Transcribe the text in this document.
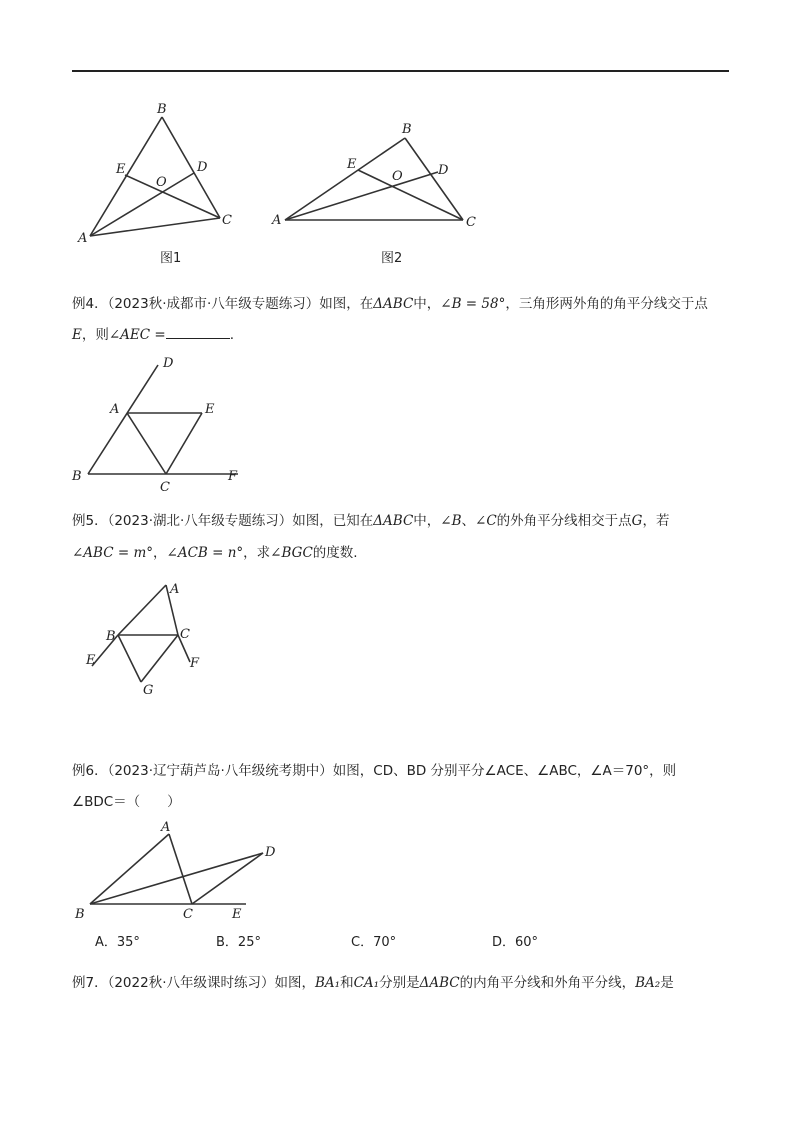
B
A
C
D
E
O
图1
B
A	C
D
E
O
图2
D
A	E
B
C
F
A
B	C
E	F
G
A
D
B	C	E
例4．（2023秋·成都市·八年级专题练习）如图，在ΔABC中，∠B = 58°，三角形两外角的角平分线交于点
E，则∠AEC =	.
例5．（2023·湖北·八年级专题练习）如图，已知在ΔABC中，∠B、∠C的外角平分线相交于点G，若
∠ABC = m°，∠ACB = n°，求∠BGC的度数.
例6．（2023·辽宁葫芦岛·八年级统考期中）如图，CD、BD 分别平分∠ACE、∠ABC，∠A＝70°，则
∠BDC＝（　　）
A．35°	B．25°	C．70°	D．60°
例7．（2022秋·八年级课时练习）如图，BA₁和CA₁分别是ΔABC的内角平分线和外角平分线，BA₂是
